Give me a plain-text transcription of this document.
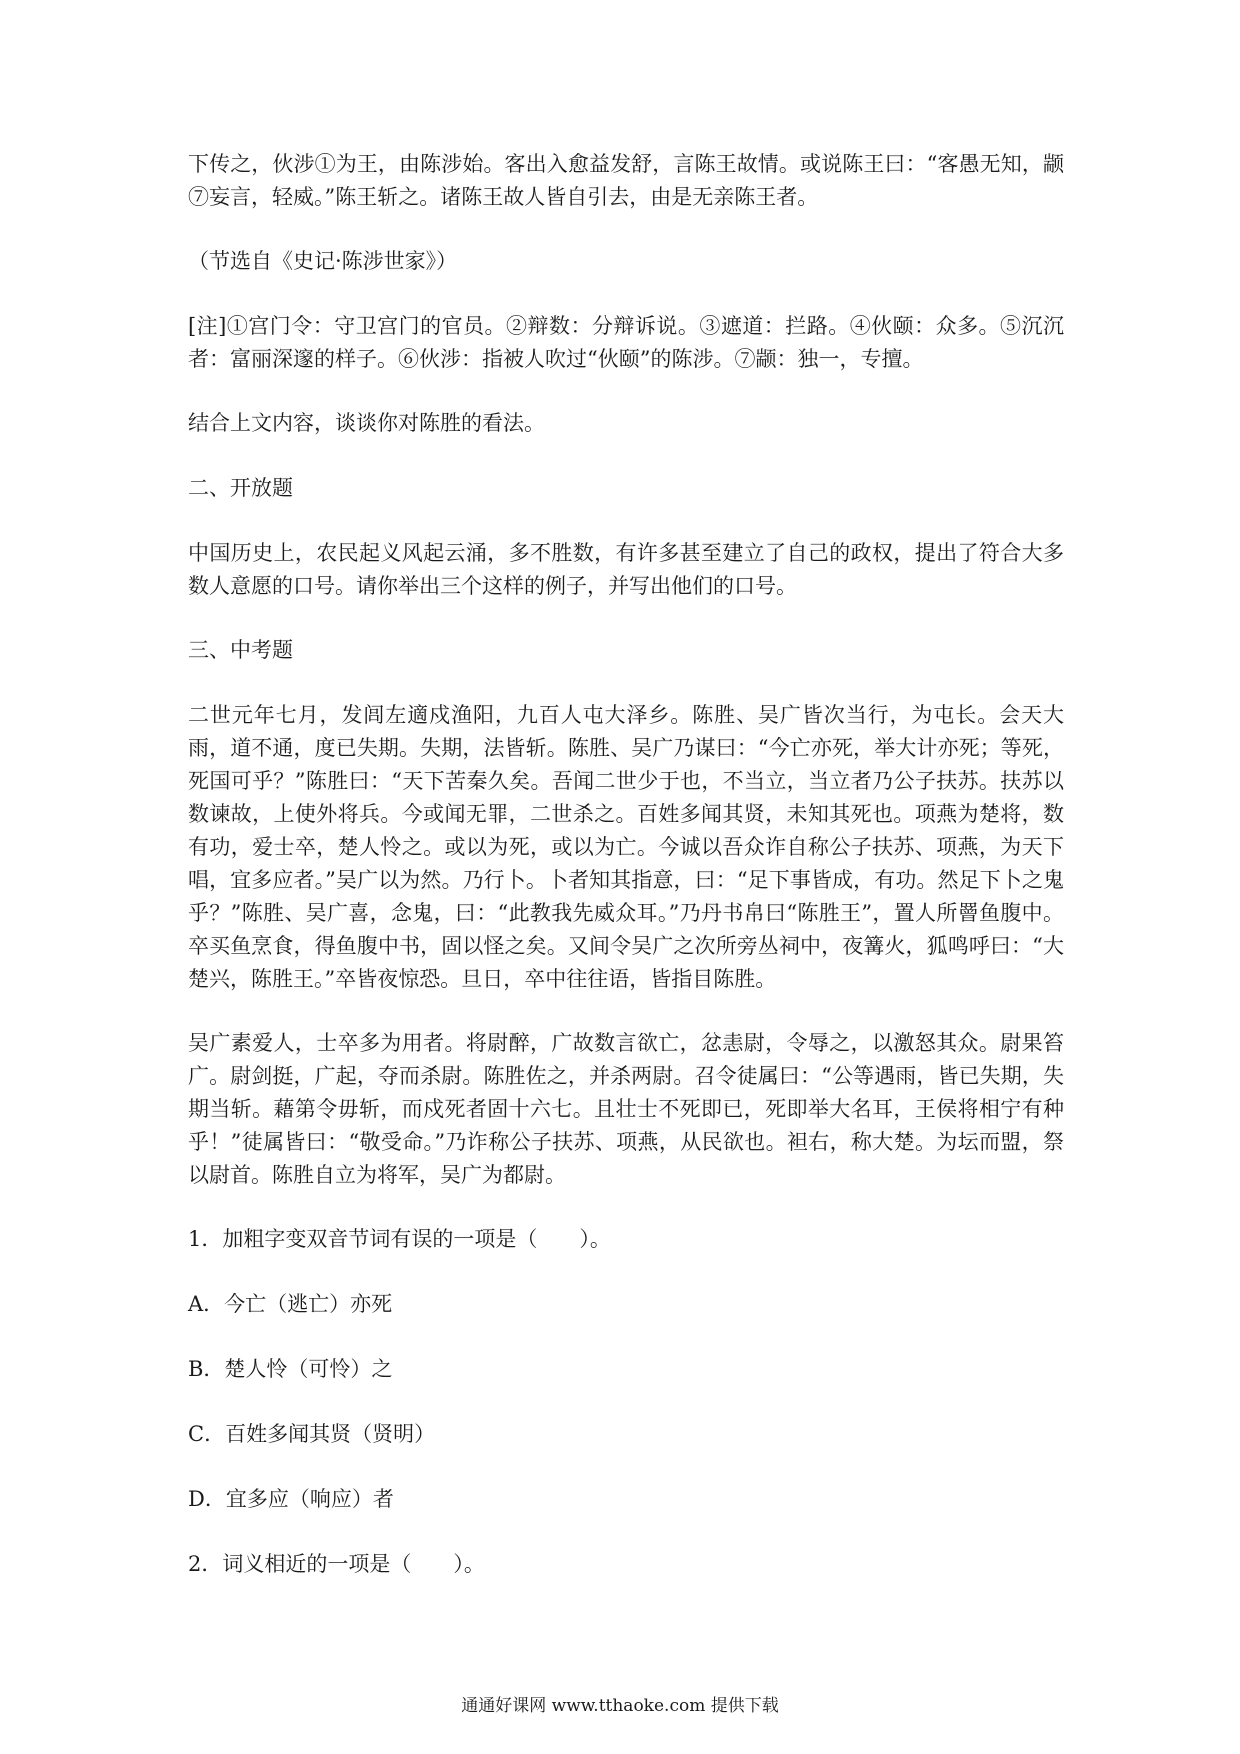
下传之，伙涉①为王，由陈涉始。客出入愈益发舒，言陈王故情。或说陈王曰：“客愚无知，颛⑦妄言，轻威。”陈王斩之。诸陈王故人皆自引去，由是无亲陈王者。

（节选自《史记·陈涉世家》）

[注]①宫门令：守卫宫门的官员。②辩数：分辩诉说。③遮道：拦路。④伙颐：众多。⑤沉沉者：富丽深邃的样子。⑥伙涉：指被人吹过“伙颐”的陈涉。⑦颛：独一，专擅。

结合上文内容，谈谈你对陈胜的看法。

二、开放题

中国历史上，农民起义风起云涌，多不胜数，有许多甚至建立了自己的政权，提出了符合大多数人意愿的口号。请你举出三个这样的例子，并写出他们的口号。

三、中考题

二世元年七月，发闾左適戍渔阳，九百人屯大泽乡。陈胜、吴广皆次当行，为屯长。会天大雨，道不通，度已失期。失期，法皆斩。陈胜、吴广乃谋曰：“今亡亦死，举大计亦死；等死，死国可乎？”陈胜曰：“天下苦秦久矣。吾闻二世少于也，不当立，当立者乃公子扶苏。扶苏以数谏故，上使外将兵。今或闻无罪，二世杀之。百姓多闻其贤，未知其死也。项燕为楚将，数有功，爱士卒，楚人怜之。或以为死，或以为亡。今诚以吾众诈自称公子扶苏、项燕，为天下唱，宜多应者。”吴广以为然。乃行卜。卜者知其指意，曰：“足下事皆成，有功。然足下卜之鬼乎？”陈胜、吴广喜，念鬼，曰：“此教我先威众耳。”乃丹书帛曰“陈胜王”，置人所罾鱼腹中。卒买鱼烹食，得鱼腹中书，固以怪之矣。又间令吴广之次所旁丛祠中，夜篝火，狐鸣呼曰：“大楚兴，陈胜王。”卒皆夜惊恐。旦日，卒中往往语，皆指目陈胜。

吴广素爱人，士卒多为用者。将尉醉，广故数言欲亡，忿恚尉，令辱之，以激怒其众。尉果笞广。尉剑挺，广起，夺而杀尉。陈胜佐之，并杀两尉。召令徒属曰：“公等遇雨，皆已失期，失期当斩。藉第令毋斩，而戍死者固十六七。且壮士不死即已，死即举大名耳，王侯将相宁有种乎！”徒属皆曰：“敬受命。”乃诈称公子扶苏、项燕，从民欲也。袒右，称大楚。为坛而盟，祭以尉首。陈胜自立为将军，吴广为都尉。

1．加粗字变双音节词有误的一项是（　　）。

A．今亡（逃亡）亦死

B．楚人怜（可怜）之

C．百姓多闻其贤（贤明）

D．宜多应（响应）者

2．词义相近的一项是（　　）。

通通好课网 www.tthaoke.com 提供下载
